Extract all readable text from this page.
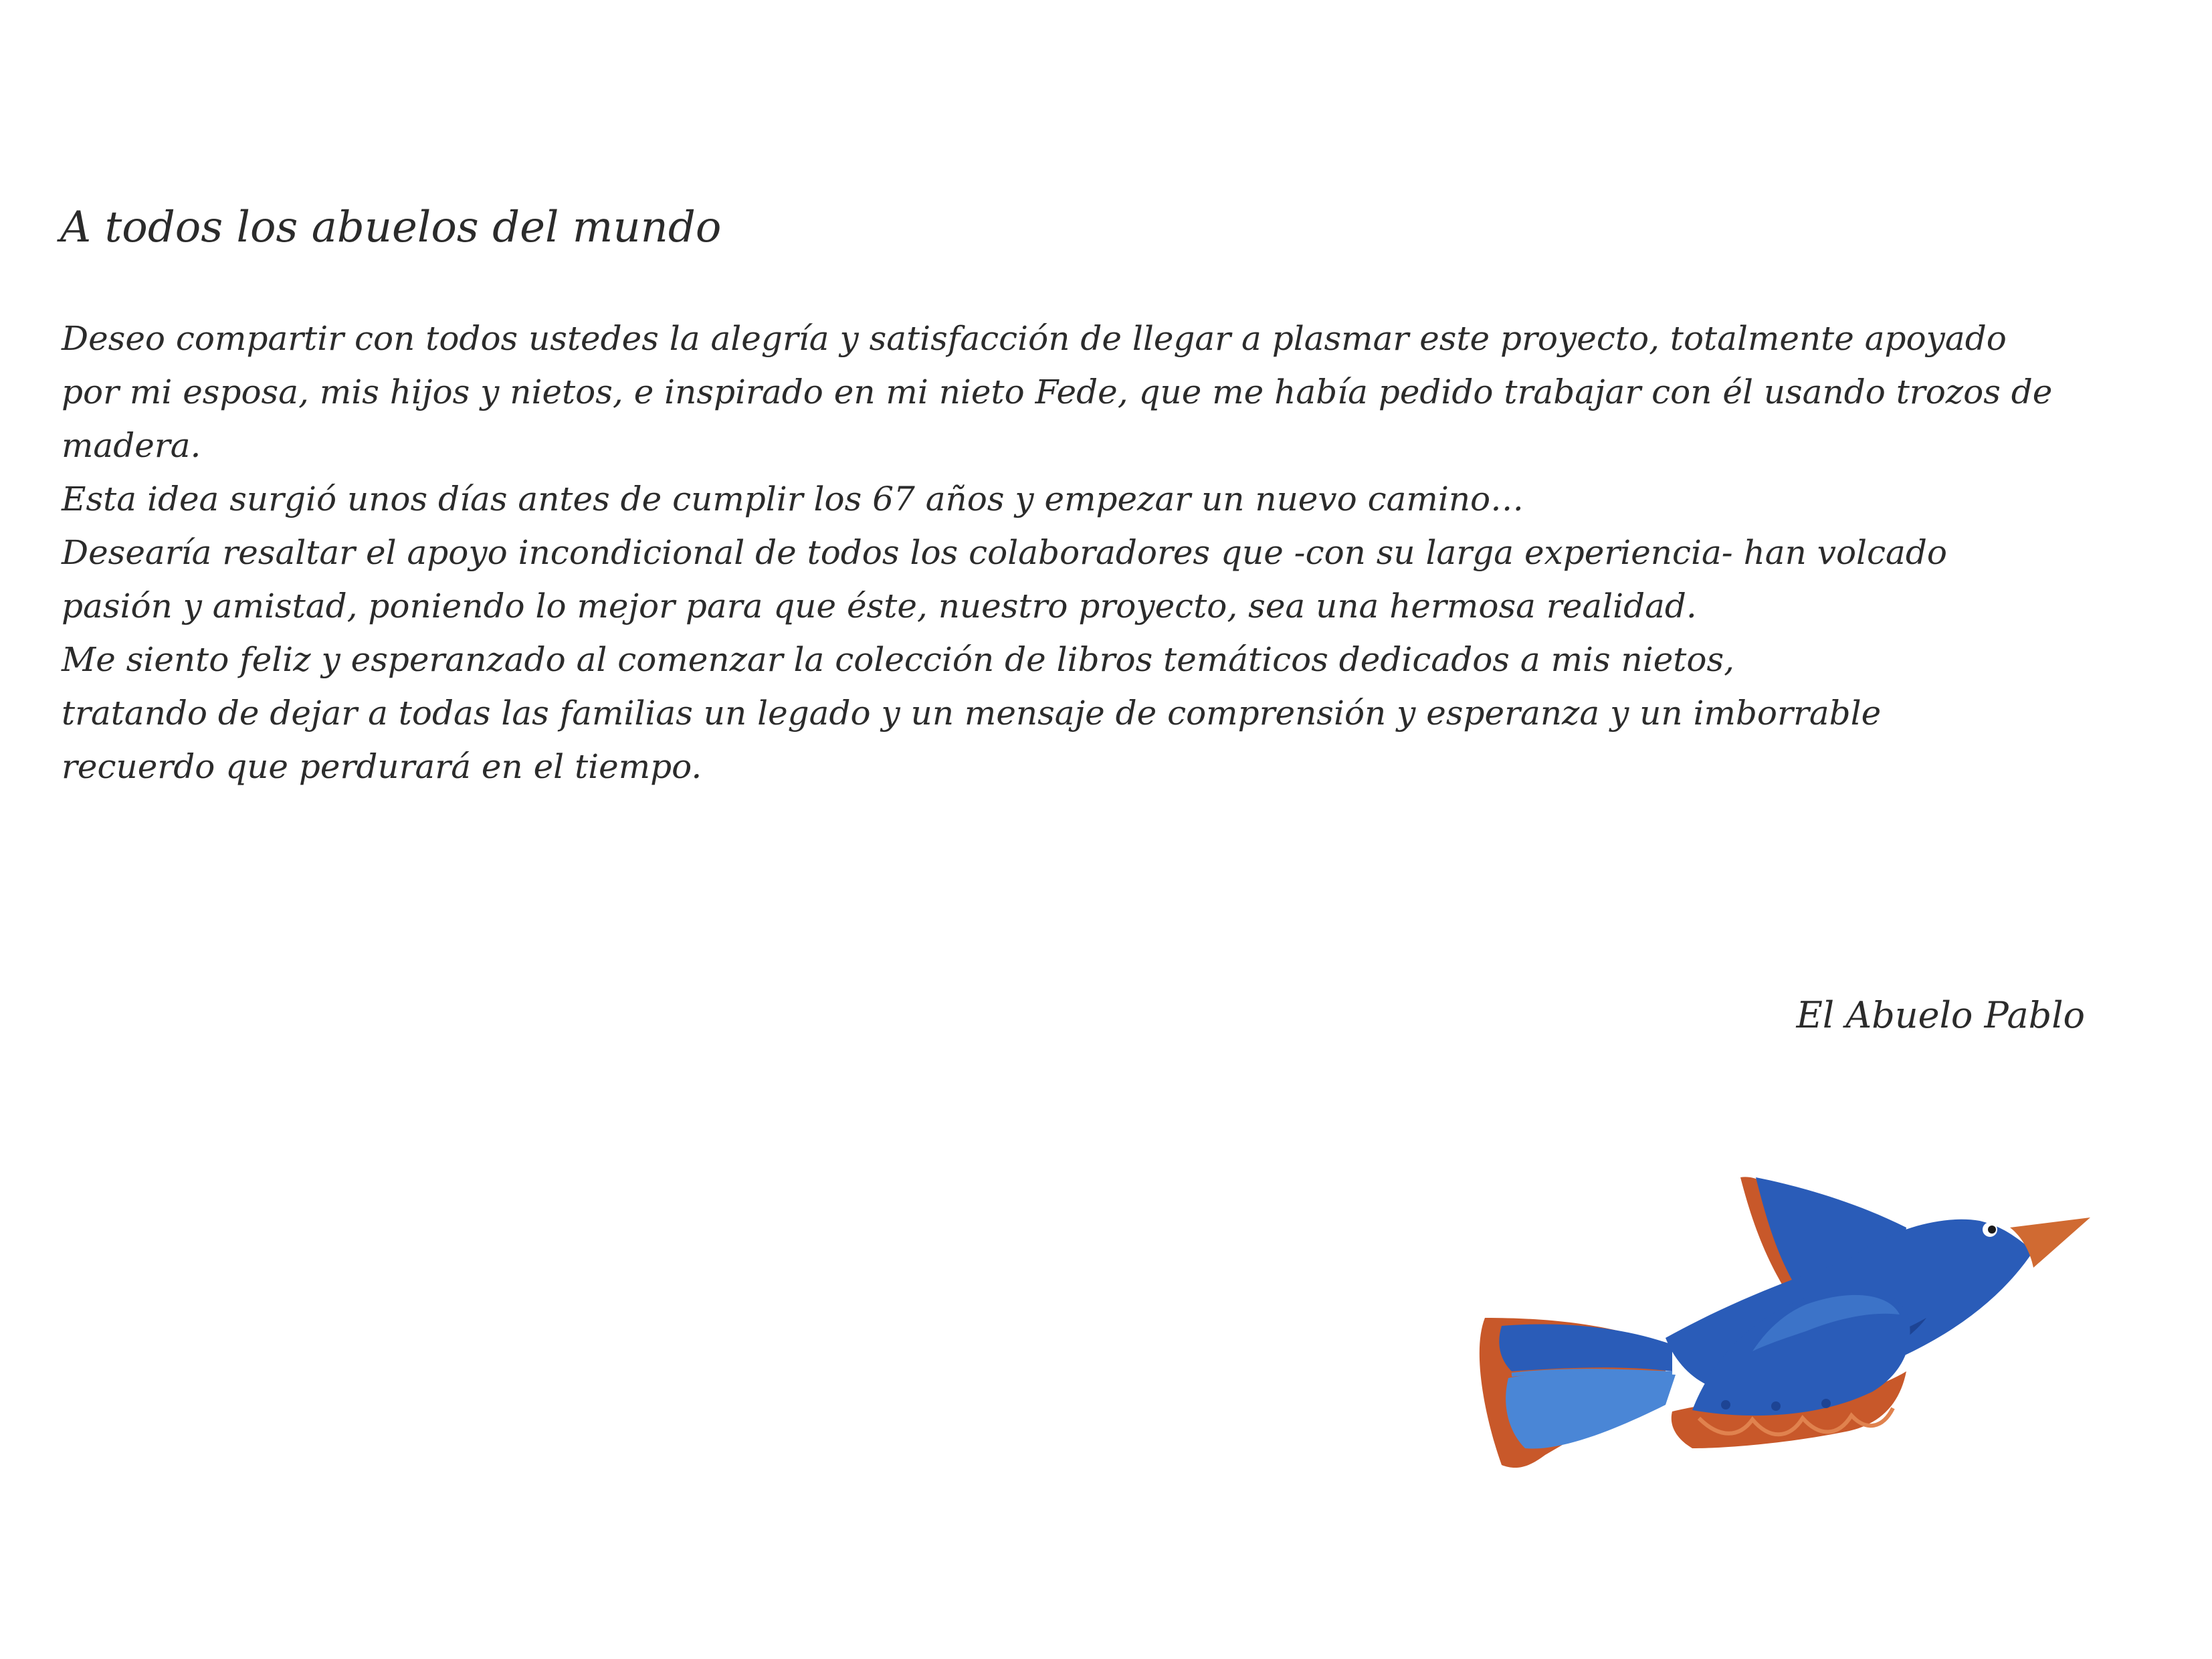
A todos los abuelos del mundo
Deseo compartir con todos ustedes la alegría y satisfacción de llegar a plasmar este proyecto, totalmente apoyado
por mi esposa, mis hijos y nietos, e inspirado en mi nieto Fede, que me había pedido trabajar con él usando trozos de
madera.
Esta idea surgió unos días antes de cumplir los 67 años y empezar un nuevo camino…
Desearía resaltar el apoyo incondicional de todos los colaboradores que -con su larga experiencia- han volcado
pasión y amistad, poniendo lo mejor para que éste, nuestro proyecto, sea una hermosa realidad.
Me siento feliz y esperanzado al comenzar la colección de libros temáticos dedicados a mis nietos,
tratando de dejar a todas las familias un legado y un mensaje de comprensión y esperanza y un imborrable
recuerdo que perdurará en el tiempo.

El Abuelo Pablo
